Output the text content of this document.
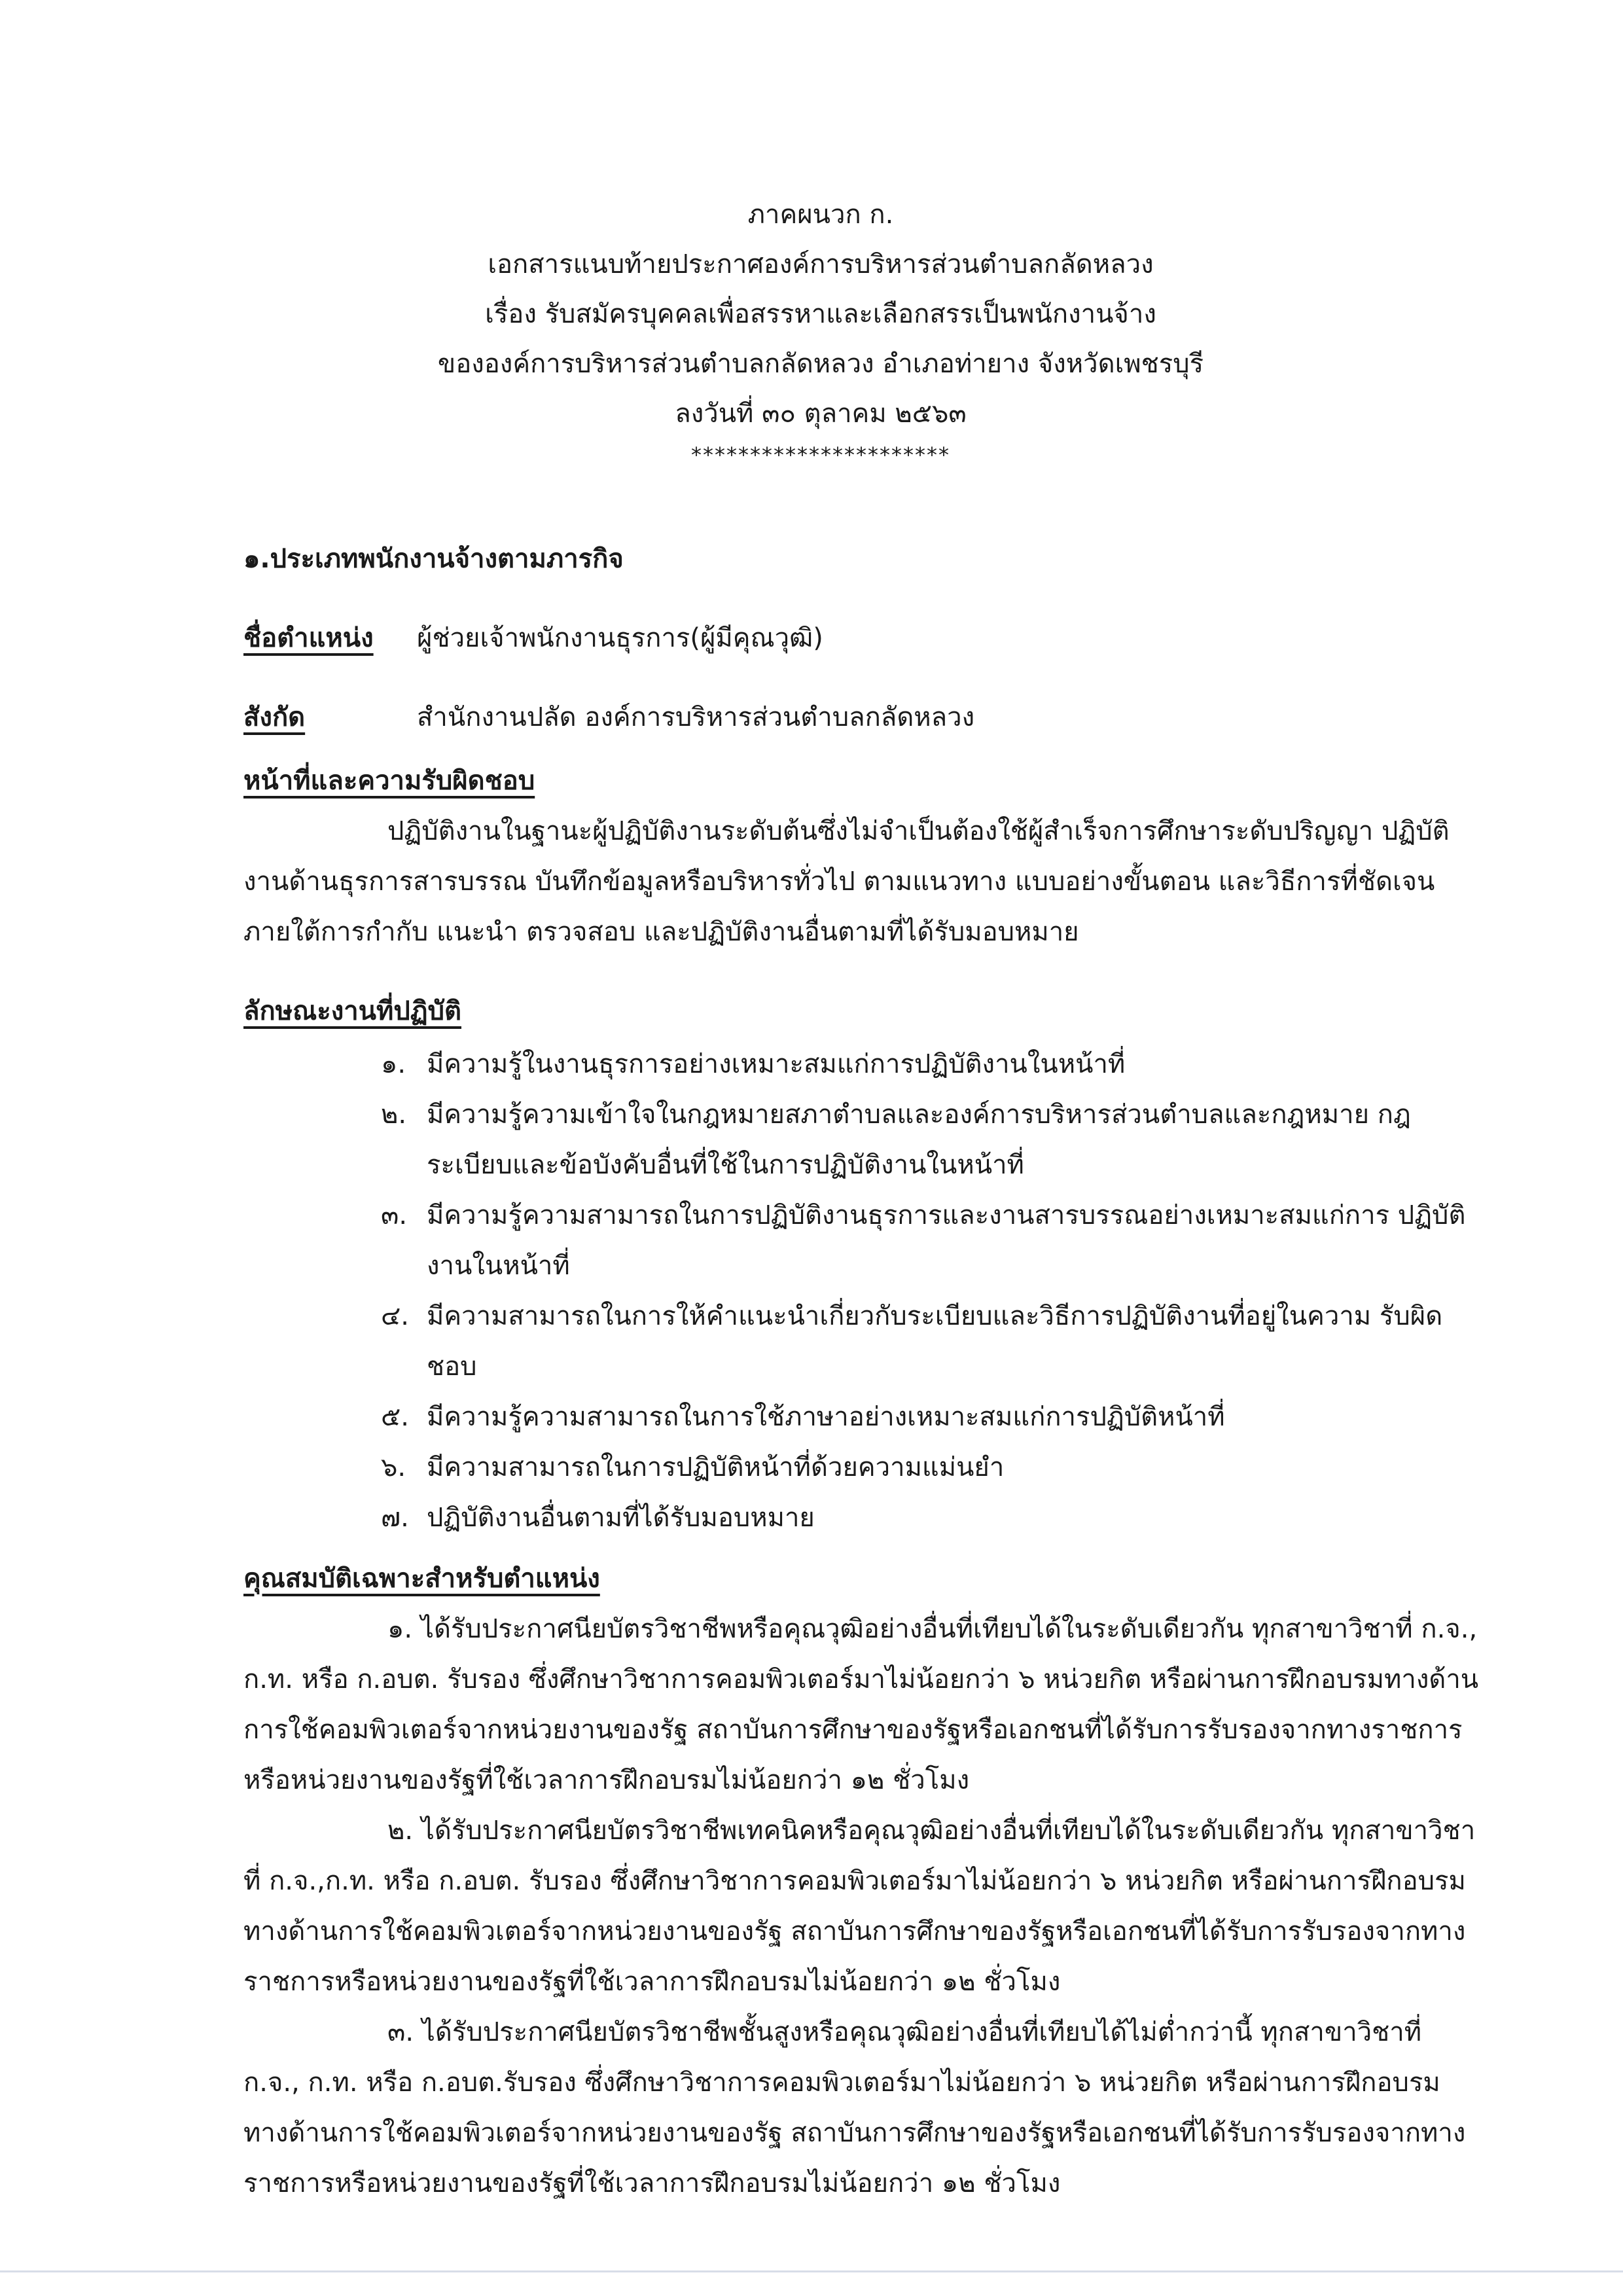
ภาคผนวก ก.
เอกสารแนบท้ายประกาศองค์การบริหารส่วนตำบลกลัดหลวง
เรื่อง รับสมัครบุคคลเพื่อสรรหาและเลือกสรรเป็นพนักงานจ้าง
ขององค์การบริหารส่วนตำบลกลัดหลวง อำเภอท่ายาง จังหวัดเพชรบุรี
ลงวันที่ ๓๐ ตุลาคม ๒๕๖๓
**********************
๑.ประเภทพนักงานจ้างตามภารกิจ
ชื่อตำแหน่ง	ผู้ช่วยเจ้าพนักงานธุรการ(ผู้มีคุณวุฒิ)
สังกัด	สำนักงานปลัด องค์การบริหารส่วนตำบลกลัดหลวง
หน้าที่และความรับผิดชอบ
ปฏิบัติงานในฐานะผู้ปฏิบัติงานระดับต้นซึ่งไม่จำเป็นต้องใช้ผู้สำเร็จการศึกษาระดับปริญญา ปฏิบัติงานด้านธุรการสารบรรณ บันทึกข้อมูลหรือบริหารทั่วไป ตามแนวทาง แบบอย่างขั้นตอน และวิธีการที่ชัดเจน ภายใต้การกำกับ แนะนำ ตรวจสอบ และปฏิบัติงานอื่นตามที่ได้รับมอบหมาย
ลักษณะงานที่ปฏิบัติ
๑. มีความรู้ในงานธุรการอย่างเหมาะสมแก่การปฏิบัติงานในหน้าที่
๒. มีความรู้ความเข้าใจในกฎหมายสภาตำบลและองค์การบริหารส่วนตำบลและกฎหมาย กฎ ระเบียบและข้อบังคับอื่นที่ใช้ในการปฏิบัติงานในหน้าที่
๓. มีความรู้ความสามารถในการปฏิบัติงานธุรการและงานสารบรรณอย่างเหมาะสมแก่การ ปฏิบัติงานในหน้าที่
๔. มีความสามารถในการให้คำแนะนำเกี่ยวกับระเบียบและวิธีการปฏิบัติงานที่อยู่ในความ รับผิดชอบ
๕. มีความรู้ความสามารถในการใช้ภาษาอย่างเหมาะสมแก่การปฏิบัติหน้าที่
๖. มีความสามารถในการปฏิบัติหน้าที่ด้วยความแม่นยำ
๗. ปฏิบัติงานอื่นตามที่ได้รับมอบหมาย
คุณสมบัติเฉพาะสำหรับตำแหน่ง
๑. ได้รับประกาศนียบัตรวิชาชีพหรือคุณวุฒิอย่างอื่นที่เทียบได้ในระดับเดียวกัน ทุกสาขาวิชาที่ ก.จ., ก.ท. หรือ ก.อบต. รับรอง ซึ่งศึกษาวิชาการคอมพิวเตอร์มาไม่น้อยกว่า ๖ หน่วยกิต หรือผ่านการฝึกอบรมทางด้านการใช้คอมพิวเตอร์จากหน่วยงานของรัฐ สถาบันการศึกษาของรัฐหรือเอกชนที่ได้รับการรับรองจากทางราชการหรือหน่วยงานของรัฐที่ใช้เวลาการฝึกอบรมไม่น้อยกว่า ๑๒ ชั่วโมง
๒. ได้รับประกาศนียบัตรวิชาชีพเทคนิคหรือคุณวุฒิอย่างอื่นที่เทียบได้ในระดับเดียวกัน ทุกสาขาวิชาที่ ก.จ.,ก.ท. หรือ ก.อบต. รับรอง ซึ่งศึกษาวิชาการคอมพิวเตอร์มาไม่น้อยกว่า ๖ หน่วยกิต หรือผ่านการฝึกอบรมทางด้านการใช้คอมพิวเตอร์จากหน่วยงานของรัฐ สถาบันการศึกษาของรัฐหรือเอกชนที่ได้รับการรับรองจากทางราชการหรือหน่วยงานของรัฐที่ใช้เวลาการฝึกอบรมไม่น้อยกว่า ๑๒ ชั่วโมง
๓. ได้รับประกาศนียบัตรวิชาชีพชั้นสูงหรือคุณวุฒิอย่างอื่นที่เทียบได้ไม่ต่ำกว่านี้ ทุกสาขาวิชาที่ ก.จ., ก.ท. หรือ ก.อบต.รับรอง ซึ่งศึกษาวิชาการคอมพิวเตอร์มาไม่น้อยกว่า ๖ หน่วยกิต หรือผ่านการฝึกอบรมทางด้านการใช้คอมพิวเตอร์จากหน่วยงานของรัฐ สถาบันการศึกษาของรัฐหรือเอกชนที่ได้รับการรับรองจากทางราชการหรือหน่วยงานของรัฐที่ใช้เวลาการฝึกอบรมไม่น้อยกว่า ๑๒ ชั่วโมง
